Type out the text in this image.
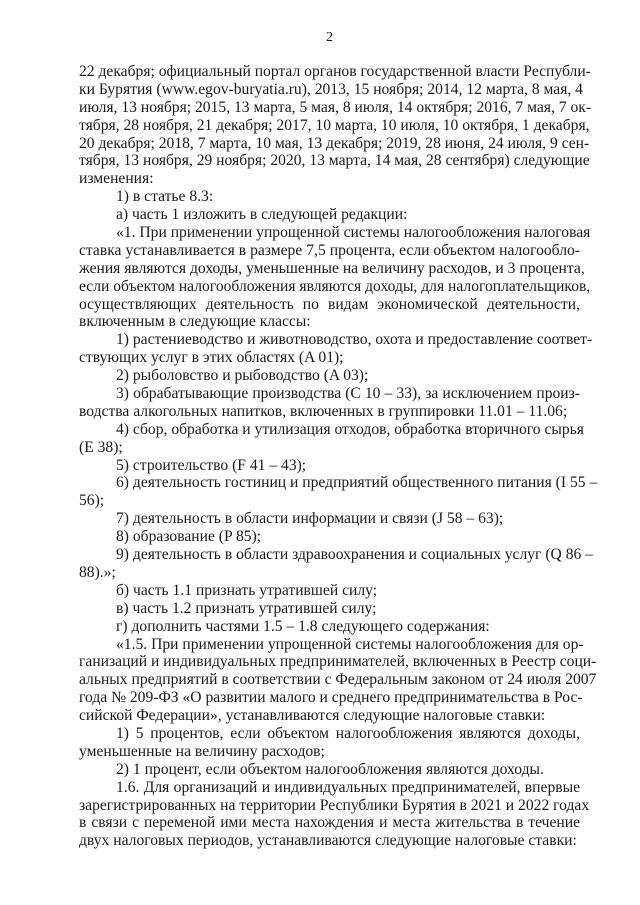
2
22 декабря; официальный портал органов государственной власти Республи-
ки Бурятия (www.egov-buryatia.ru), 2013, 15 ноября; 2014, 12 марта, 8 мая, 4
июля, 13 ноября; 2015, 13 марта, 5 мая, 8 июля, 14 октября; 2016, 7 мая, 7 ок-
тября, 28 ноября, 21 декабря; 2017, 10 марта, 10 июля, 10 октября, 1 декабря,
20 декабря; 2018, 7 марта, 10 мая, 13 декабря; 2019, 28 июня, 24 июля, 9 сен-
тября, 13 ноября, 29 ноября; 2020, 13 марта, 14 мая, 28 сентября) следующие
изменения:
1) в статье 8.3:
а) часть 1 изложить в следующей редакции:
«1. При применении упрощенной системы налогообложения налоговая
ставка устанавливается в размере 7,5 процента, если объектом налогообло-
жения являются доходы, уменьшенные на величину расходов, и 3 процента,
если объектом налогообложения являются доходы, для налогоплательщиков,
осуществляющих деятельность по видам экономической деятельности,
включенным в следующие классы:
1) растениеводство и животноводство, охота и предоставление соответ-
ствующих услуг в этих областях (A 01);
2) рыболовство и рыбоводство (A 03);
3) обрабатывающие производства (C 10 – 33), за исключением произ-
водства алкогольных напитков, включенных в группировки 11.01 – 11.06;
4) сбор, обработка и утилизация отходов, обработка вторичного сырья
(E 38);
5) строительство (F 41 – 43);
6) деятельность гостиниц и предприятий общественного питания (I 55 –
56);
7) деятельность в области информации и связи (J 58 – 63);
8) образование (P 85);
9) деятельность в области здравоохранения и социальных услуг (Q 86 –
88).»;
б) часть 1.1 признать утратившей силу;
в) часть 1.2 признать утратившей силу;
г) дополнить частями 1.5 – 1.8 следующего содержания:
«1.5. При применении упрощенной системы налогообложения для ор-
ганизаций и индивидуальных предпринимателей, включенных в Реестр соци-
альных предприятий в соответствии с Федеральным законом от 24 июля 2007
года № 209-ФЗ «О развитии малого и среднего предпринимательства в Рос-
сийской Федерации», устанавливаются следующие налоговые ставки:
1) 5 процентов, если объектом налогообложения являются доходы,
уменьшенные на величину расходов;
2) 1 процент, если объектом налогообложения являются доходы.
1.6. Для организаций и индивидуальных предпринимателей, впервые
зарегистрированных на территории Республики Бурятия в 2021 и 2022 годах
в связи с переменой ими места нахождения и места жительства в течение
двух налоговых периодов, устанавливаются следующие налоговые ставки:
